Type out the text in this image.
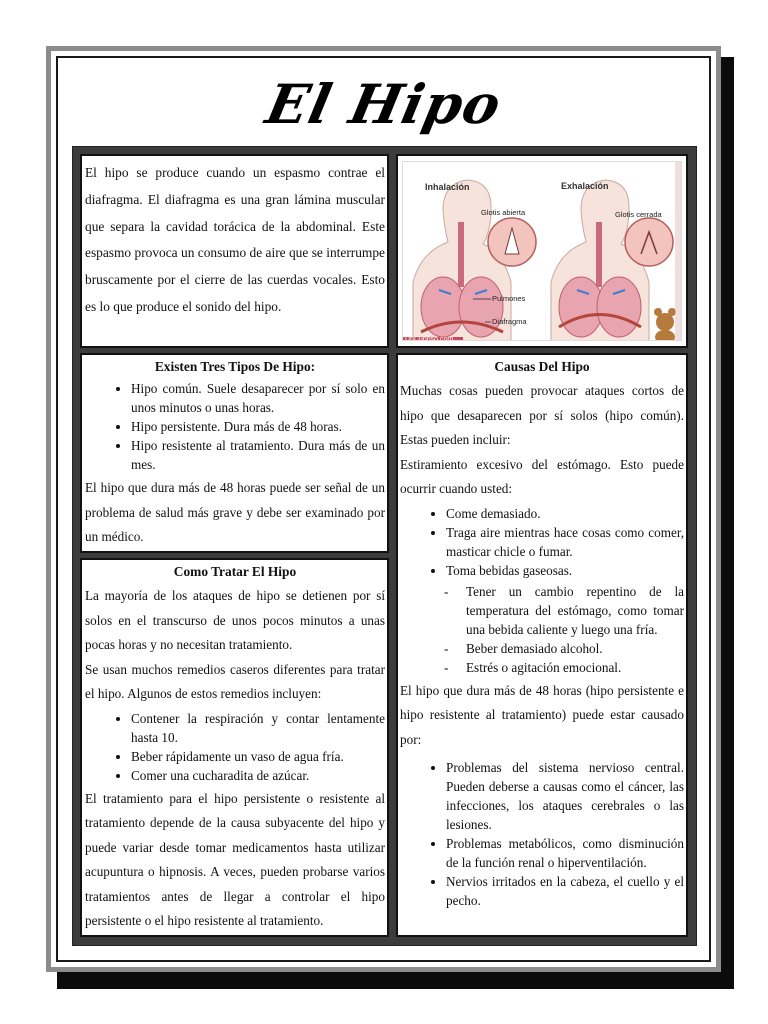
El Hipo

El hipo se produce cuando un espasmo contrae el diafragma. El diafragma es una gran lámina muscular que separa la cavidad torácica de la abdominal. Este espasmo provoca un consumo de aire que se interrumpe bruscamente por el cierre de las cuerdas vocales. Esto es lo que produce el sonido del hipo.

Inhalación	Exhalación
Glotis abierta	Glotis cerrada
Pulmones
Diafragma
UnCurioso.com
Existen Tres Tipos De Hipo:
• Hipo común. Suele desaparecer por sí solo en unos minutos o unas horas.
• Hipo persistente. Dura más de 48 horas.
• Hipo resistente al tratamiento. Dura más de un mes.

El hipo que dura más de 48 horas puede ser señal de un problema de salud más grave y debe ser examinado por un médico.

Como Tratar El Hipo

La mayoría de los ataques de hipo se detienen por sí solos en el transcurso de unos pocos minutos a unas pocas horas y no necesitan tratamiento.

Se usan muchos remedios caseros diferentes para tratar el hipo. Algunos de estos remedios incluyen:

• Contener la respiración y contar lentamente hasta 10.
• Beber rápidamente un vaso de agua fría.
• Comer una cucharadita de azúcar.

El tratamiento para el hipo persistente o resistente al tratamiento depende de la causa subyacente del hipo y puede variar desde tomar medicamentos hasta utilizar acupuntura o hipnosis. A veces, pueden probarse varios tratamientos antes de llegar a controlar el hipo persistente o el hipo resistente al tratamiento.

Causas Del Hipo

Muchas cosas pueden provocar ataques cortos de hipo que desaparecen por sí solos (hipo común). Estas pueden incluir:

Estiramiento excesivo del estómago. Esto puede ocurrir cuando usted:

• Come demasiado.
• Traga aire mientras hace cosas como comer, masticar chicle o fumar.
• Toma bebidas gaseosas.
- Tener un cambio repentino de la temperatura del estómago, como tomar una bebida caliente y luego una fría.
- Beber demasiado alcohol.
- Estrés o agitación emocional.

El hipo que dura más de 48 horas (hipo persistente e hipo resistente al tratamiento) puede estar causado por:

• Problemas del sistema nervioso central. Pueden deberse a causas como el cáncer, las infecciones, los ataques cerebrales o las lesiones.
• Problemas metabólicos, como disminución de la función renal o hiperventilación.
• Nervios irritados en la cabeza, el cuello y el pecho.
